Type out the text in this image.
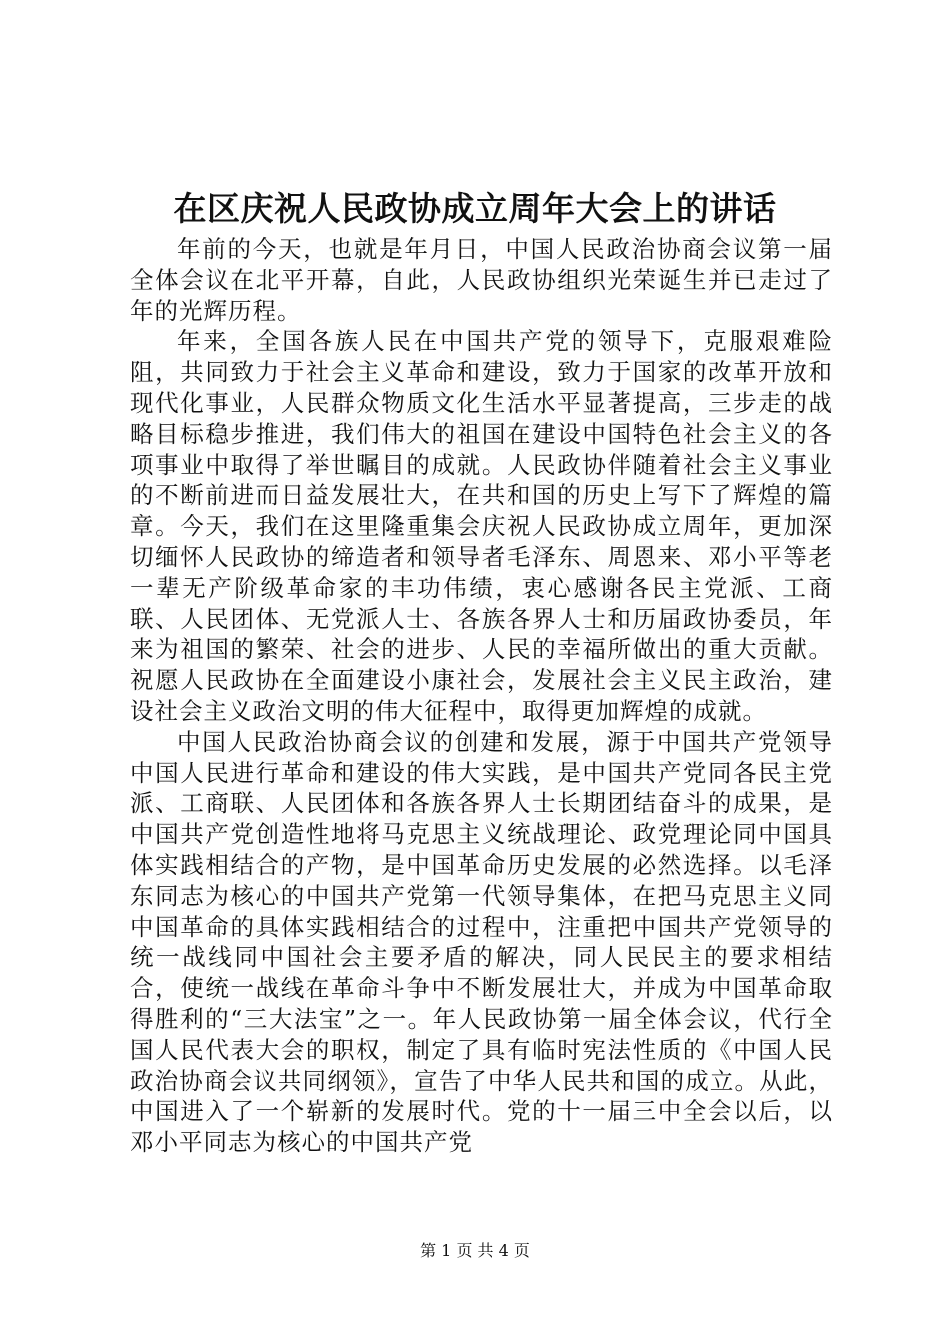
在区庆祝人民政协成立周年大会上的讲话

年前的今天，也就是年月日，中国人民政治协商会议第一届全体会议在北平开幕，自此，人民政协组织光荣诞生并已走过了年的光辉历程。

年来，全国各族人民在中国共产党的领导下，克服艰难险阻，共同致力于社会主义革命和建设，致力于国家的改革开放和现代化事业，人民群众物质文化生活水平显著提高，三步走的战略目标稳步推进，我们伟大的祖国在建设中国特色社会主义的各项事业中取得了举世瞩目的成就。人民政协伴随着社会主义事业的不断前进而日益发展壮大，在共和国的历史上写下了辉煌的篇章。今天，我们在这里隆重集会庆祝人民政协成立周年，更加深切缅怀人民政协的缔造者和领导者毛泽东、周恩来、邓小平等老一辈无产阶级革命家的丰功伟绩，衷心感谢各民主党派、工商联、人民团体、无党派人士、各族各界人士和历届政协委员，年来为祖国的繁荣、社会的进步、人民的幸福所做出的重大贡献。祝愿人民政协在全面建设小康社会，发展社会主义民主政治，建设社会主义政治文明的伟大征程中，取得更加辉煌的成就。

中国人民政治协商会议的创建和发展，源于中国共产党领导中国人民进行革命和建设的伟大实践，是中国共产党同各民主党派、工商联、人民团体和各族各界人士长期团结奋斗的成果，是中国共产党创造性地将马克思主义统战理论、政党理论同中国具体实践相结合的产物，是中国革命历史发展的必然选择。以毛泽东同志为核心的中国共产党第一代领导集体，在把马克思主义同中国革命的具体实践相结合的过程中，注重把中国共产党领导的统一战线同中国社会主要矛盾的解决，同人民民主的要求相结合，使统一战线在革命斗争中不断发展壮大，并成为中国革命取得胜利的“三大法宝”之一。年人民政协第一届全体会议，代行全国人民代表大会的职权，制定了具有临时宪法性质的《中国人民政治协商会议共同纲领》，宣告了中华人民共和国的成立。从此，中国进入了一个崭新的发展时代。党的十一届三中全会以后，以邓小平同志为核心的中国共产党

第 1 页 共 4 页
